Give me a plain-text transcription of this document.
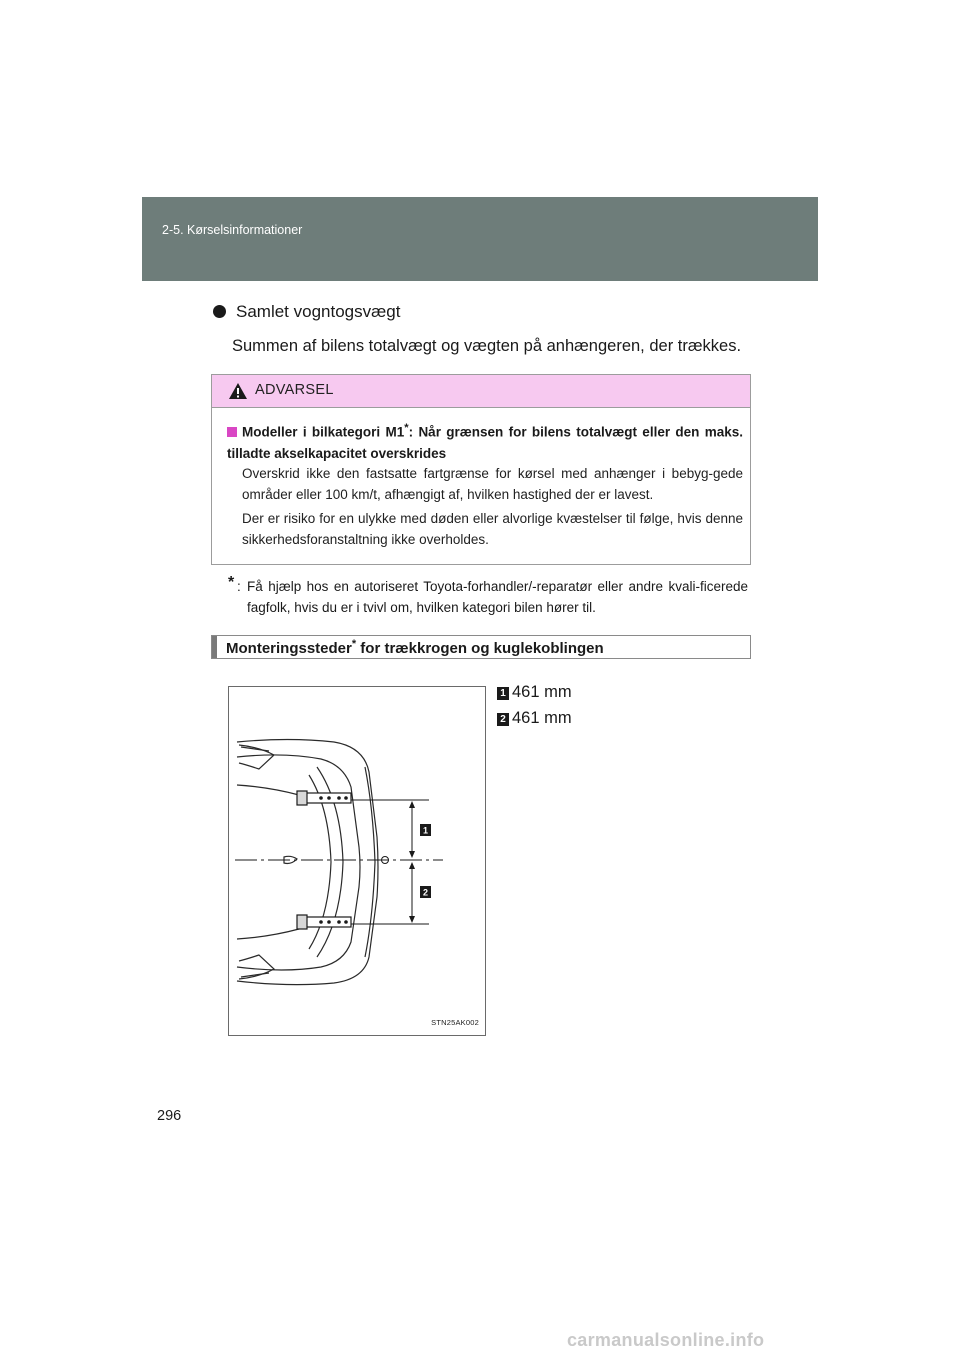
2-5. Kørselsinformationer
Samlet vogntogsvægt
Summen af bilens totalvægt og vægten på anhængeren, der trækkes.
ADVARSEL
Modeller i bilkategori M1*: Når grænsen for bilens totalvægt eller den maks. tilladte akselkapacitet overskrides
Overskrid ikke den fastsatte fartgrænse for kørsel med anhænger i bebyg-gede områder eller 100 km/t, afhængigt af, hvilken hastighed der er lavest.
Der er risiko for en ulykke med døden eller alvorlige kvæstelser til følge, hvis denne sikkerhedsforanstaltning ikke overholdes.
* : Få hjælp hos en autoriseret Toyota-forhandler/-reparatør eller andre kvali-ficerede fagfolk, hvis du er i tvivl om, hvilken kategori bilen hører til.
Monteringssteder* for trækkrogen og kuglekoblingen
1
2
STN25AK002
1 461 mm
2 461 mm
296
carmanualsonline.info
